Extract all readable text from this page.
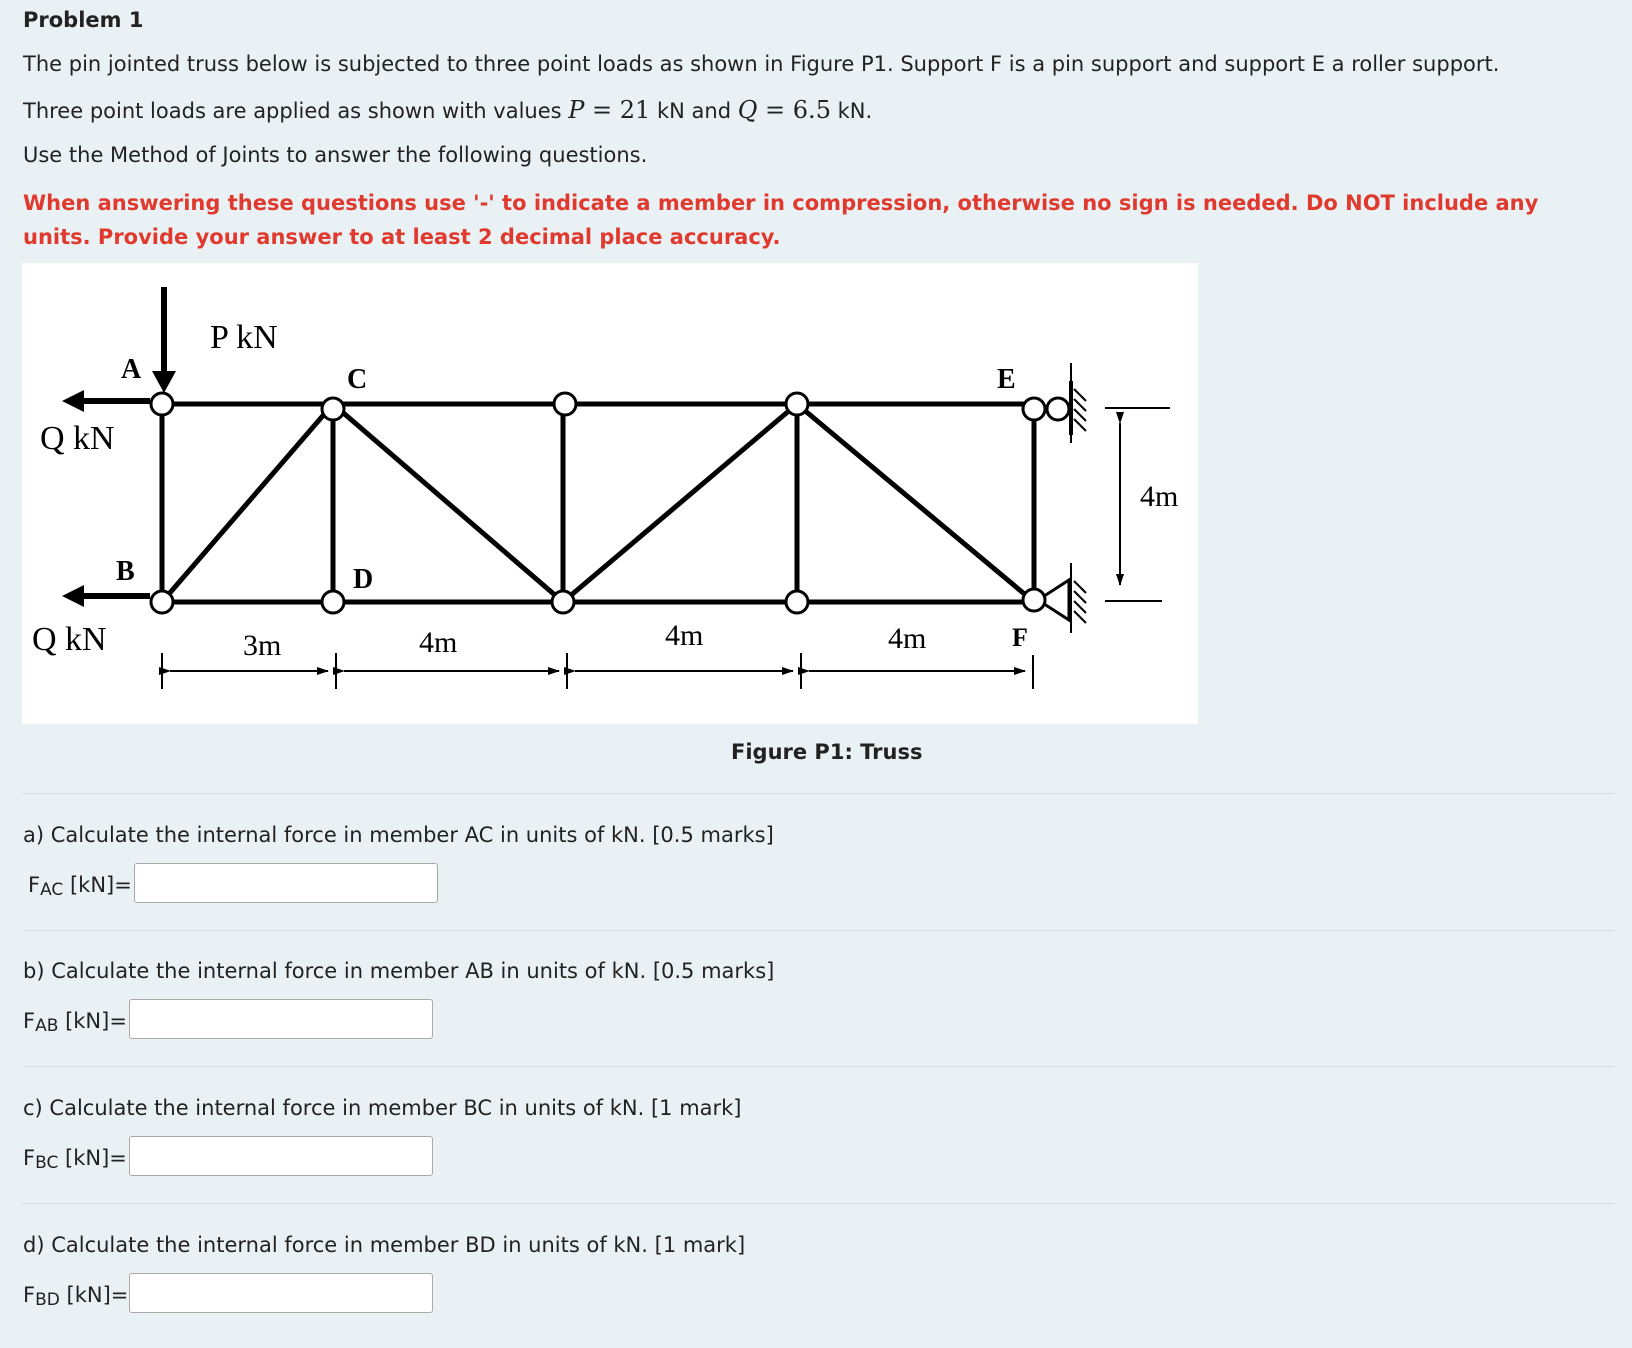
Problem 1
The pin jointed truss below is subjected to three point loads as shown in Figure P1. Support F is a pin support and support E a roller support.
Three point loads are applied as shown with values P = 21 kN and Q = 6.5 kN.
Use the Method of Joints to answer the following questions.
When answering these questions use '-' to indicate a member in compression, otherwise no sign is needed. Do NOT include any units. Provide your answer to at least 2 decimal place accuracy.
P kN
Q kN
Q kN
A
B
C
D
E
F
3m	4m	4m	4m
4m
Figure P1: Truss
a) Calculate the internal force in member AC in units of kN. [0.5 marks]
$F_{AC}$ [kN]=
b) Calculate the internal force in member AB in units of kN. [0.5 marks]
$F_{AB}$ [kN]=
c) Calculate the internal force in member BC in units of kN. [1 mark]
$F_{BC}$ [kN]=
d) Calculate the internal force in member BD in units of kN. [1 mark]
$F_{BD}$ [kN]=
